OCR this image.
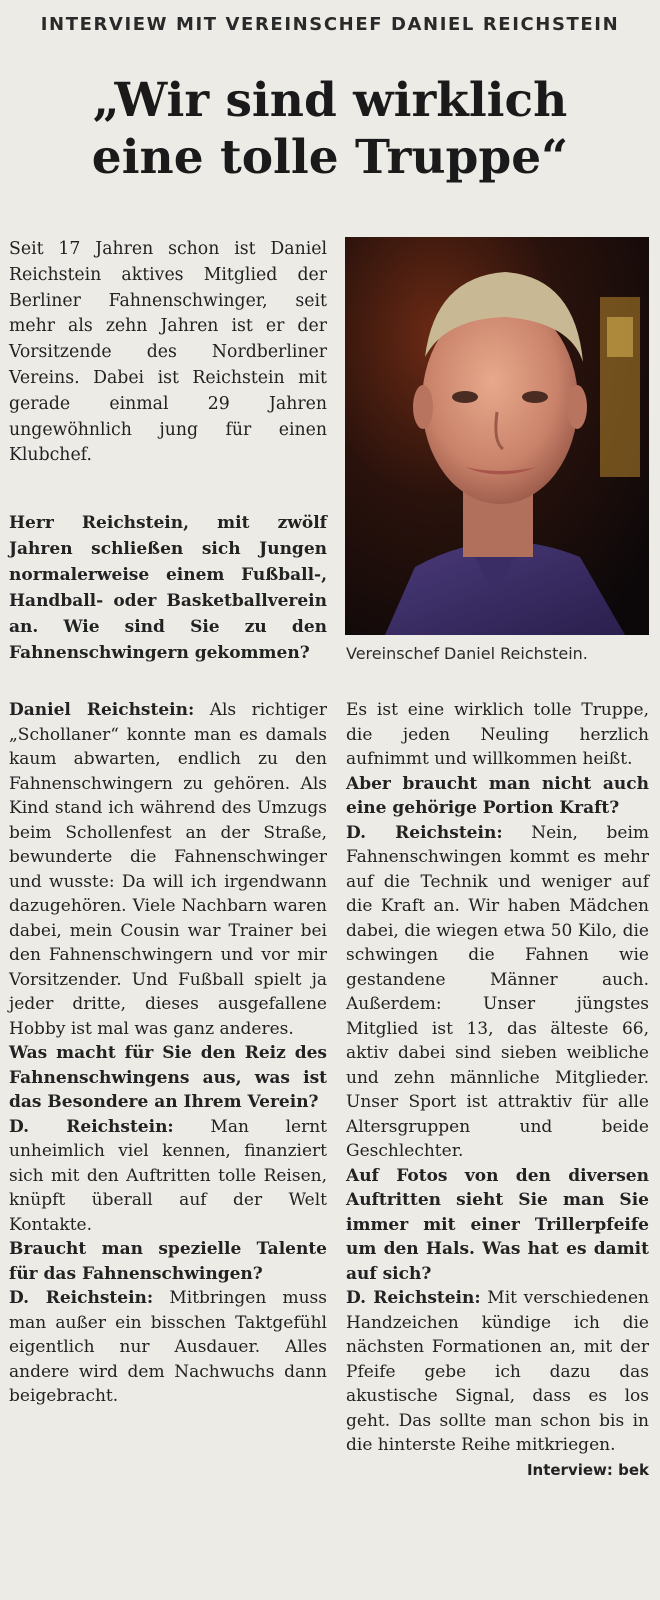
INTERVIEW MIT VEREINSCHEF DANIEL REICHSTEIN
„Wir sind wirklich
eine tolle Truppe“

Seit 17 Jahren schon ist Daniel Reichstein aktives Mitglied der Berliner Fahnenschwinger, seit mehr als zehn Jahren ist er der Vorsitzende des Nordberliner Vereins. Dabei ist Reichstein mit gerade einmal 29 Jahren ungewöhnlich jung für einen Klubchef.

Vereinschef Daniel Reichstein.

Herr Reichstein, mit zwölf Jahren schließen sich Jungen normalerweise einem Fußball-, Handball- oder Basketballverein an. Wie sind Sie zu den Fahnenschwingern gekommen?

Daniel Reichstein: Als richtiger „Schollaner“ konnte man es damals kaum abwarten, endlich zu den Fahnenschwingern zu gehören. Als Kind stand ich während des Umzugs beim Schollenfest an der Straße, bewunderte die Fahnenschwinger und wusste: Da will ich irgendwann dazugehören. Viele Nachbarn waren dabei, mein Cousin war Trainer bei den Fahnenschwingern und vor mir Vorsitzender. Und Fußball spielt ja jeder dritte, dieses ausgefallene Hobby ist mal was ganz anderes.

Was macht für Sie den Reiz des Fahnenschwingens aus, was ist das Besondere an Ihrem Verein?

D. Reichstein: Man lernt unheimlich viel kennen, finanziert sich mit den Auftritten tolle Reisen, knüpft überall auf der Welt Kontakte.

Braucht man spezielle Talente für das Fahnenschwingen?

D. Reichstein: Mitbringen muss man außer ein bisschen Taktgefühl eigentlich nur Ausdauer. Alles andere wird dem Nachwuchs dann beigebracht.

Es ist eine wirklich tolle Truppe, die jeden Neuling herzlich aufnimmt und willkommen heißt.

Aber braucht man nicht auch eine gehörige Portion Kraft?

D. Reichstein: Nein, beim Fahnenschwingen kommt es mehr auf die Technik und weniger auf die Kraft an. Wir haben Mädchen dabei, die wiegen etwa 50 Kilo, die schwingen die Fahnen wie gestandene Männer auch. Außerdem: Unser jüngstes Mitglied ist 13, das älteste 66, aktiv dabei sind sieben weibliche und zehn männliche Mitglieder. Unser Sport ist attraktiv für alle Altersgruppen und beide Geschlechter.

Auf Fotos von den diversen Auftritten sieht Sie man Sie immer mit einer Trillerpfeife um den Hals. Was hat es damit auf sich?

D. Reichstein: Mit verschiedenen Handzeichen kündige ich die nächsten Formationen an, mit der Pfeife gebe ich dazu das akustische Signal, dass es los geht. Das sollte man schon bis in die hinterste Reihe mitkriegen.

Interview: bek
